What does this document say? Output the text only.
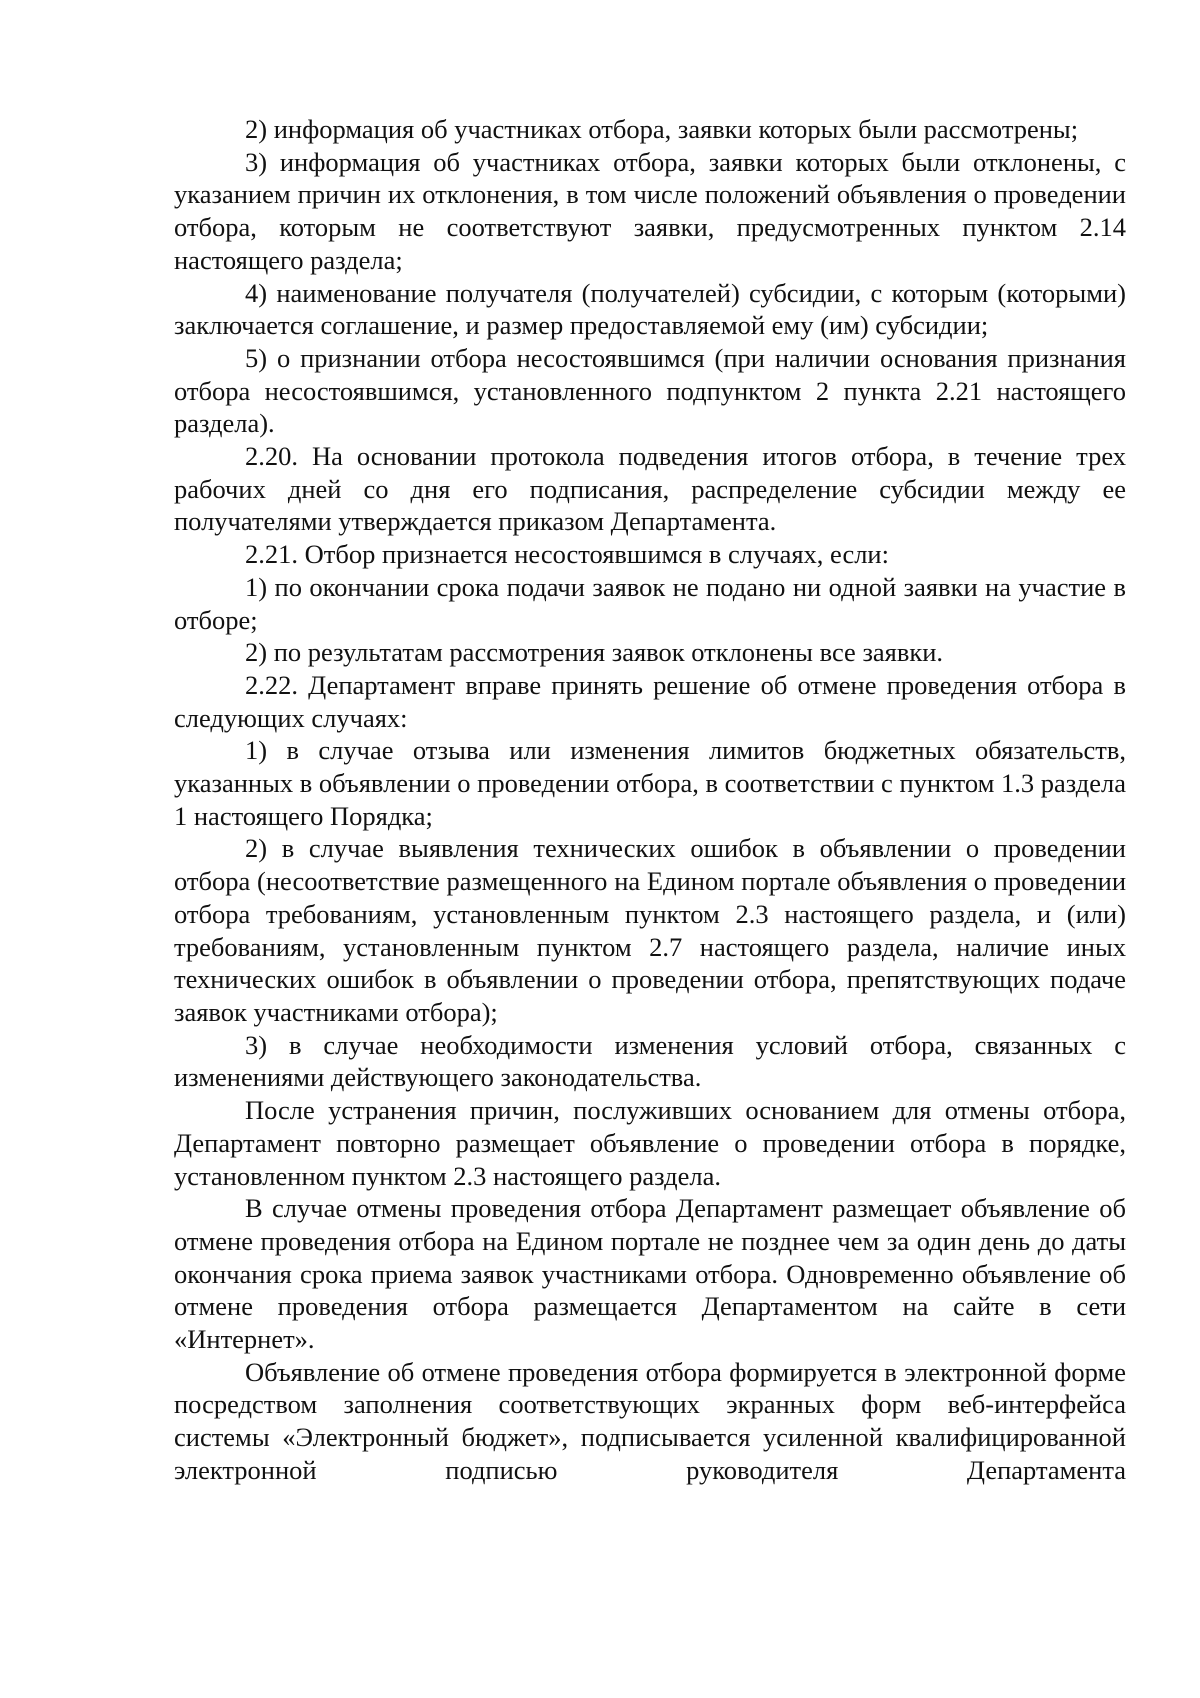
2) информация об участниках отбора, заявки которых были рассмотрены;

3) информация об участниках отбора, заявки которых были отклонены, с указанием причин их отклонения, в том числе положений объявления о проведении отбора, которым не соответствуют заявки, предусмотренных пунктом 2.14 настоящего раздела;

4) наименование получателя (получателей) субсидии, с которым (которыми) заключается соглашение, и размер предоставляемой ему (им) субсидии;

5) о признании отбора несостоявшимся (при наличии основания признания отбора несостоявшимся, установленного подпунктом 2 пункта 2.21 настоящего раздела).

2.20. На основании протокола подведения итогов отбора, в течение трех рабочих дней со дня его подписания, распределение субсидии между ее получателями утверждается приказом Департамента.

2.21. Отбор признается несостоявшимся в случаях, если:

1) по окончании срока подачи заявок не подано ни одной заявки на участие в отборе;

2) по результатам рассмотрения заявок отклонены все заявки.

2.22. Департамент вправе принять решение об отмене проведения отбора в следующих случаях:

1) в случае отзыва или изменения лимитов бюджетных обязательств, указанных в объявлении о проведении отбора, в соответствии с пунктом 1.3 раздела 1 настоящего Порядка;

2) в случае выявления технических ошибок в объявлении о проведении отбора (несоответствие размещенного на Едином портале объявления о проведении отбора требованиям, установленным пунктом 2.3 настоящего раздела, и (или) требованиям, установленным пунктом 2.7 настоящего раздела, наличие иных технических ошибок в объявлении о проведении отбора, препятствующих подаче заявок участниками отбора);

3) в случае необходимости изменения условий отбора, связанных с изменениями действующего законодательства.

После устранения причин, послуживших основанием для отмены отбора, Департамент повторно размещает объявление о проведении отбора в порядке, установленном пунктом 2.3 настоящего раздела.

В случае отмены проведения отбора Департамент размещает объявление об отмене проведения отбора на Едином портале не позднее чем за один день до даты окончания срока приема заявок участниками отбора. Одновременно объявление об отмене проведения отбора размещается Департаментом на сайте в сети «Интернет».

Объявление об отмене проведения отбора формируется в электронной форме посредством заполнения соответствующих экранных форм веб-интерфейса системы «Электронный бюджет», подписывается усиленной квалифицированной электронной подписью руководителя Департамента
